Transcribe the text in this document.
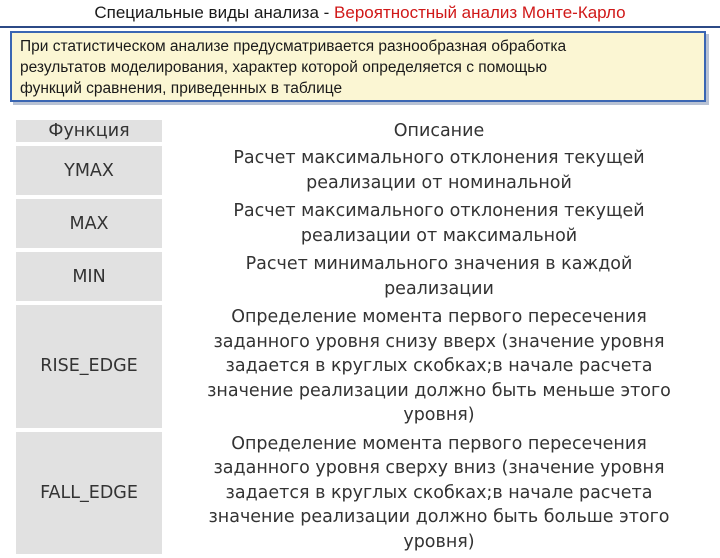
Специальные виды анализа - Вероятностный анализ Монте-Карло
При статистическом анализе предусматривается разнообразная обработка
результатов моделирования, характер которой определяется с помощью
функций сравнения, приведенных в таблице
Функция		Описание
YMAX		Расчет максимального отклонения текущей
реализации от номинальной

MAX		Расчет максимального отклонения текущей
реализации от максимальной

MIN		Расчет минимального значения в каждой
реализации

RISE_EDGE		Определение момента первого пересечения
заданного уровня снизу вверх (значение уровня
задается в круглых скобках;в начале расчета
значение реализации должно быть меньше этого
уровня)

FALL_EDGE		Определение момента первого пересечения
заданного уровня сверху вниз (значение уровня
задается в круглых скобках;в начале расчета
значение реализации должно быть больше этого
уровня)
